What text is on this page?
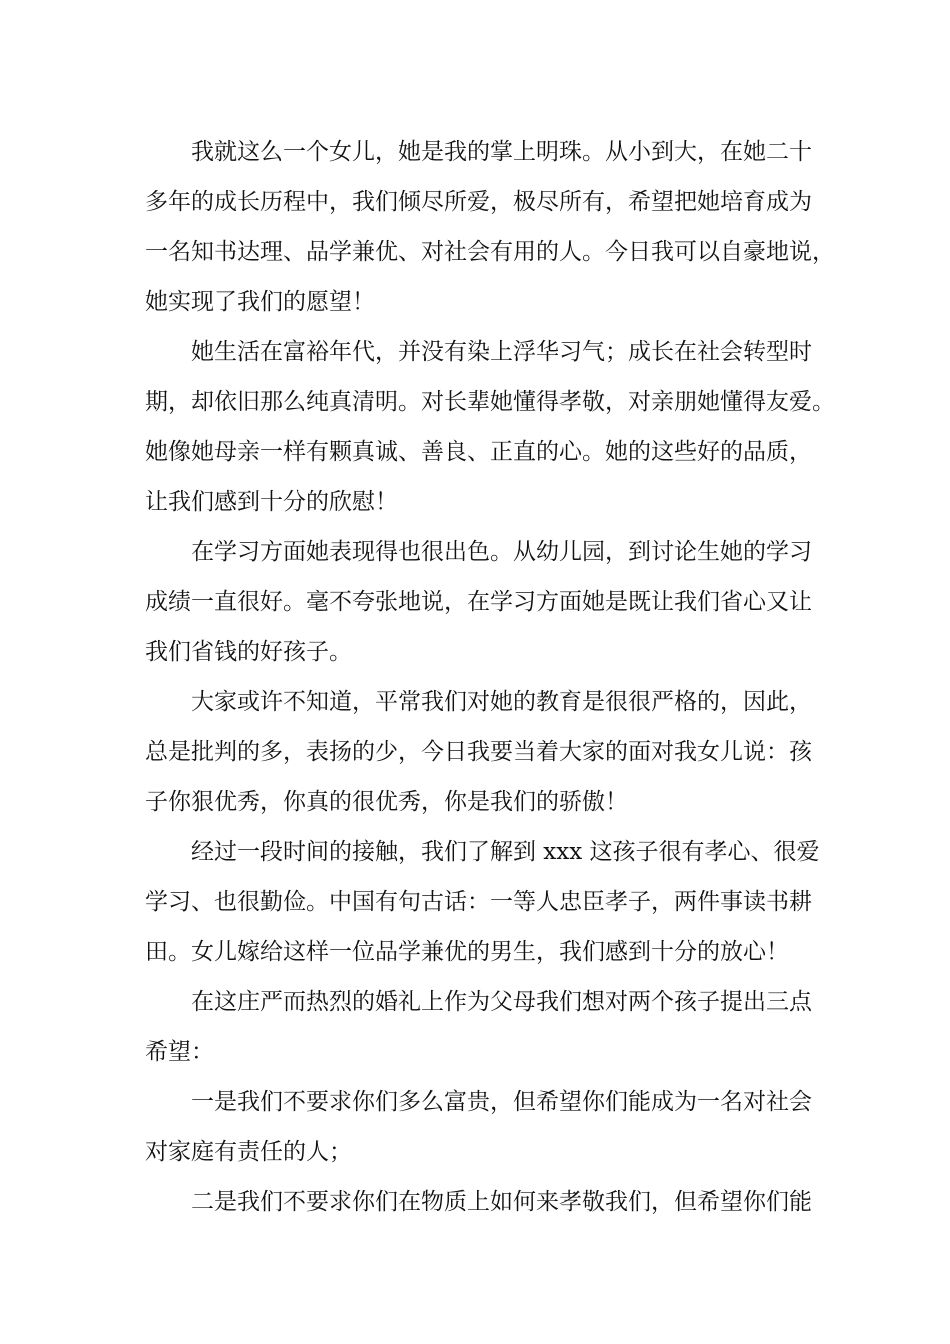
我就这么一个女儿，她是我的掌上明珠。从小到大，在她二十
多年的成长历程中，我们倾尽所爱，极尽所有，希望把她培育成为
一名知书达理、品学兼优、对社会有用的人。今日我可以自豪地说，
她实现了我们的愿望！
她生活在富裕年代，并没有染上浮华习气；成长在社会转型时
期，却依旧那么纯真清明。对长辈她懂得孝敬，对亲朋她懂得友爱。
她像她母亲一样有颗真诚、善良、正直的心。她的这些好的品质，
让我们感到十分的欣慰！
在学习方面她表现得也很出色。从幼儿园，到讨论生她的学习
成绩一直很好。毫不夸张地说，在学习方面她是既让我们省心又让
我们省钱的好孩子。
大家或许不知道，平常我们对她的教育是很很严格的，因此，
总是批判的多，表扬的少，今日我要当着大家的面对我女儿说：孩
子你狠优秀，你真的很优秀，你是我们的骄傲！
经过一段时间的接触，我们了解到 xxx 这孩子很有孝心、很爱
学习、也很勤俭。中国有句古话：一等人忠臣孝子，两件事读书耕
田。女儿嫁给这样一位品学兼优的男生，我们感到十分的放心！
在这庄严而热烈的婚礼上作为父母我们想对两个孩子提出三点
希望：
一是我们不要求你们多么富贵，但希望你们能成为一名对社会
对家庭有责任的人；
二是我们不要求你们在物质上如何来孝敬我们，但希望你们能
